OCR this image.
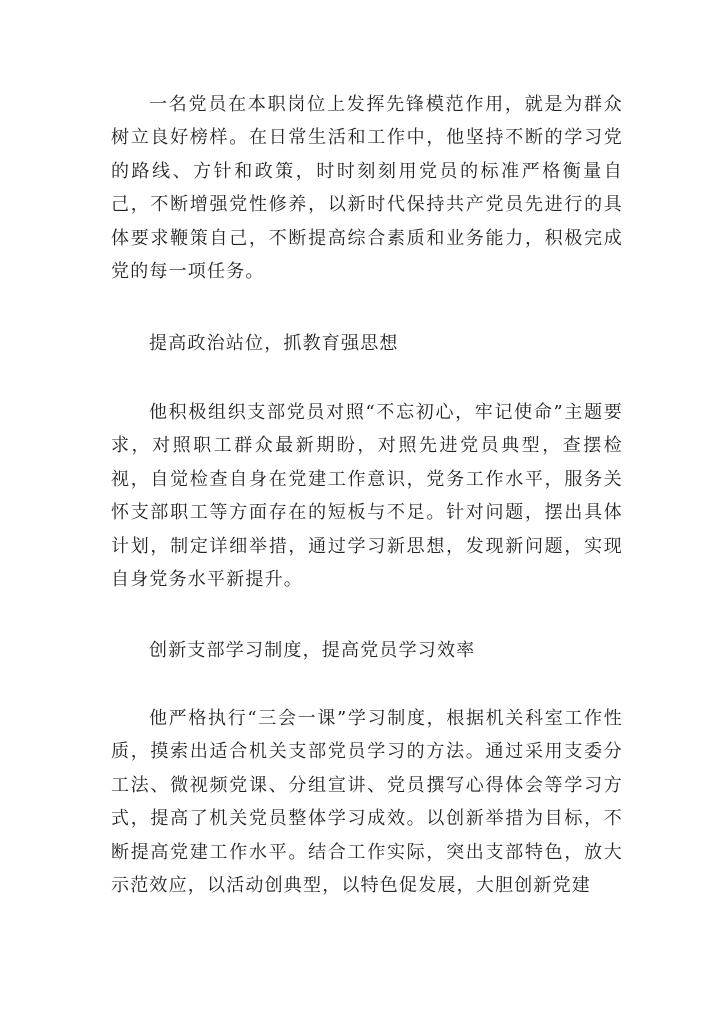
一名党员在本职岗位上发挥先锋模范作用，就是为群众树立良好榜样。在日常生活和工作中，他坚持不断的学习党的路线、方针和政策，时时刻刻用党员的标准严格衡量自己，不断增强党性修养，以新时代保持共产党员先进行的具体要求鞭策自己，不断提高综合素质和业务能力，积极完成党的每一项任务。

提高政治站位，抓教育强思想

他积极组织支部党员对照“不忘初心，牢记使命”主题要求，对照职工群众最新期盼，对照先进党员典型，查摆检视，自觉检查自身在党建工作意识，党务工作水平，服务关怀支部职工等方面存在的短板与不足。针对问题，摆出具体计划，制定详细举措，通过学习新思想，发现新问题，实现自身党务水平新提升。

创新支部学习制度，提高党员学习效率

他严格执行“三会一课”学习制度，根据机关科室工作性质，摸索出适合机关支部党员学习的方法。通过采用支委分工法、微视频党课、分组宣讲、党员撰写心得体会等学习方式，提高了机关党员整体学习成效。以创新举措为目标，不断提高党建工作水平。结合工作实际，突出支部特色，放大示范效应，以活动创典型，以特色促发展，大胆创新党建
